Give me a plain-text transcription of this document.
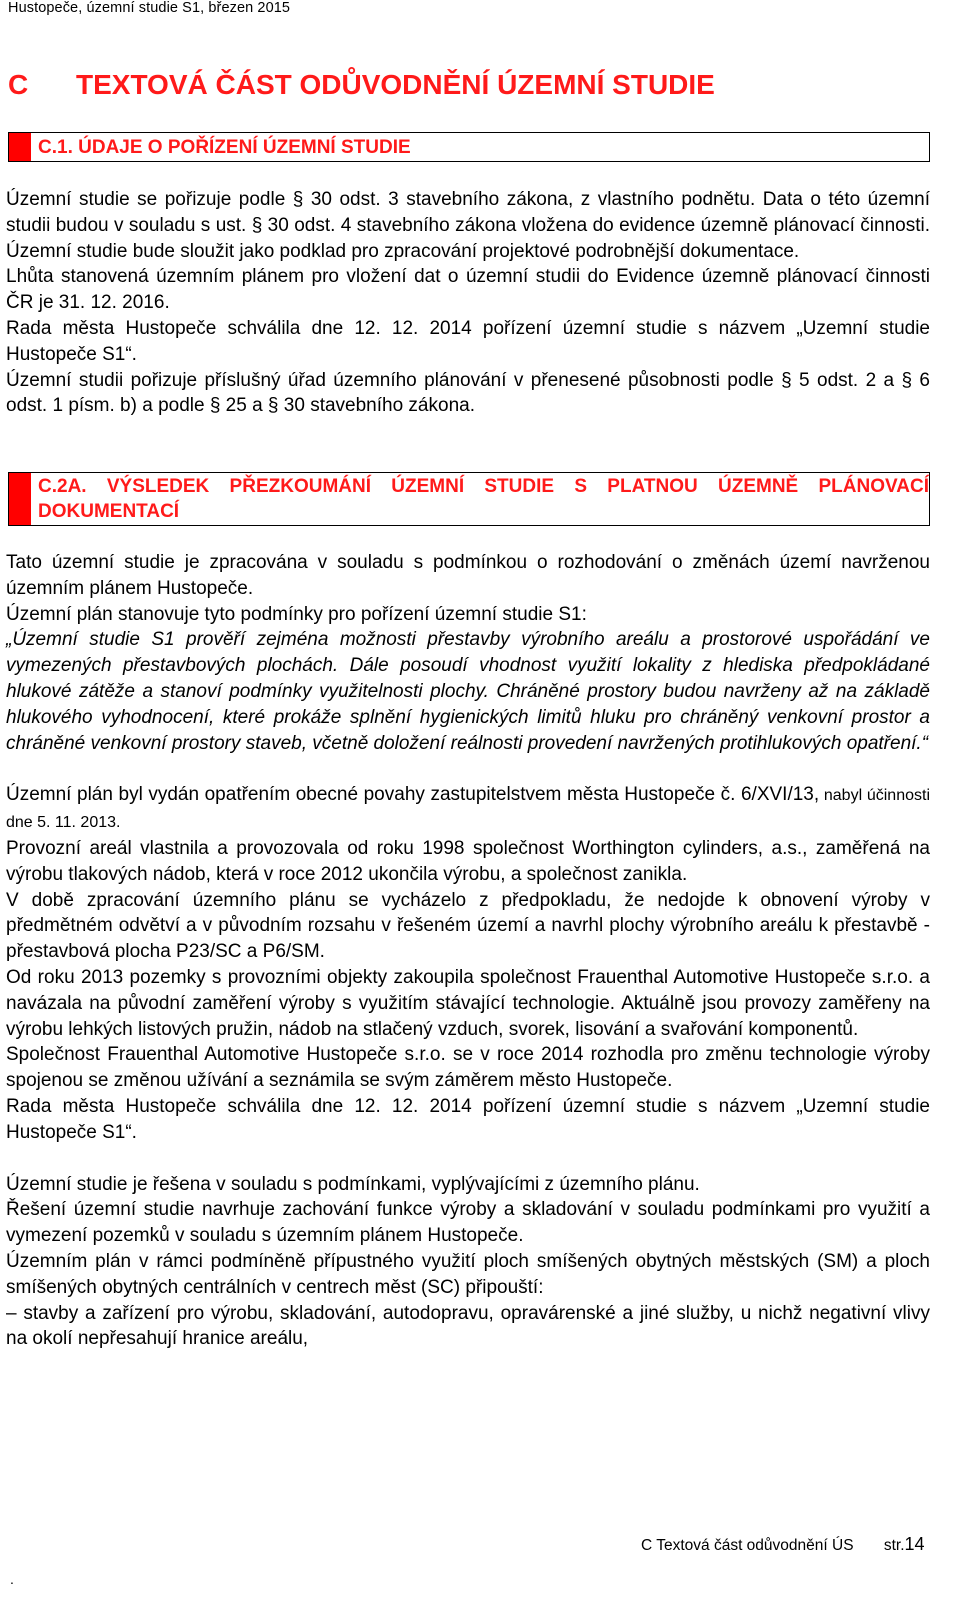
Hustopeče, územní studie S1, březen 2015
C TEXTOVÁ ČÁST ODŮVODNĚNÍ ÚZEMNÍ STUDIE
C.1. ÚDAJE O POŘÍZENÍ ÚZEMNÍ STUDIE

Územní studie se pořizuje podle § 30 odst. 3 stavebního zákona, z vlastního podnětu. Data o této územní studii budou v souladu s ust. § 30 odst. 4 stavebního zákona vložena do evidence územně plánovací činnosti. Územní studie bude sloužit jako podklad pro zpracování projektové podrobnější dokumentace.

Lhůta stanovená územním plánem pro vložení dat o územní studii do Evidence územně plánovací činnosti ČR je 31. 12. 2016.

Rada města Hustopeče schválila dne 12. 12. 2014 pořízení územní studie s názvem „Uzemní studie Hustopeče S1“.

Územní studii pořizuje příslušný úřad územního plánování v přenesené působnosti podle § 5 odst. 2 a § 6 odst. 1 písm. b) a podle § 25 a § 30 stavebního zákona.

C.2A. VÝSLEDEK PŘEZKOUMÁNÍ ÚZEMNÍ STUDIE S PLATNOU ÚZEMNĚ PLÁNOVACÍ DOKUMENTACÍ

Tato územní studie je zpracována v souladu s podmínkou o rozhodování o změnách území navrženou územním plánem Hustopeče.

Územní plán stanovuje tyto podmínky pro pořízení územní studie S1:

„Územní studie S1 prověří zejména možnosti přestavby výrobního areálu a prostorové uspořádání ve vymezených přestavbových plochách. Dále posoudí vhodnost využití lokality z hlediska předpokládané hlukové zátěže a stanoví podmínky využitelnosti plochy. Chráněné prostory budou navrženy až na základě hlukového vyhodnocení, které prokáže splnění hygienických limitů hluku pro chráněný venkovní prostor a chráněné venkovní prostory staveb, včetně doložení reálnosti provedení navržených protihlukových opatření.“

Územní plán byl vydán opatřením obecné povahy zastupitelstvem města Hustopeče č. 6/XVI/13, nabyl účinnosti dne 5. 11. 2013.

Provozní areál vlastnila a provozovala od roku 1998 společnost Worthington cylinders, a.s., zaměřená na výrobu tlakových nádob, která v roce 2012 ukončila výrobu, a společnost zanikla.

V době zpracování územního plánu se vycházelo z předpokladu, že nedojde k obnovení výroby v předmětném odvětví a v původním rozsahu v řešeném území a navrhl plochy výrobního areálu k přestavbě - přestavbová plocha P23/SC a P6/SM.

Od roku 2013 pozemky s provozními objekty zakoupila společnost Frauenthal Automotive Hustopeče s.r.o. a navázala na původní zaměření výroby s využitím stávající technologie. Aktuálně jsou provozy zaměřeny na výrobu lehkých listových pružin, nádob na stlačený vzduch, svorek, lisování a svařování komponentů.

Společnost Frauenthal Automotive Hustopeče s.r.o. se v roce 2014 rozhodla pro změnu technologie výroby spojenou se změnou užívání a seznámila se svým záměrem město Hustopeče.

Rada města Hustopeče schválila dne 12. 12. 2014 pořízení územní studie s názvem „Uzemní studie Hustopeče S1“.

Územní studie je řešena v souladu s podmínkami, vyplývajícími z územního plánu.

Řešení územní studie navrhuje zachování funkce výroby a skladování v souladu podmínkami pro využití a vymezení pozemků v souladu s územním plánem Hustopeče.

Územním plán v rámci podmíněně přípustného využití ploch smíšených obytných městských (SM) a ploch smíšených obytných centrálních v centrech měst (SC) připouští:

– stavby a zařízení pro výrobu, skladování, autodopravu, opravárenské a jiné služby, u nichž negativní vlivy na okolí nepřesahují hranice areálu,

C Textová část odůvodnění ÚS str.14
.
